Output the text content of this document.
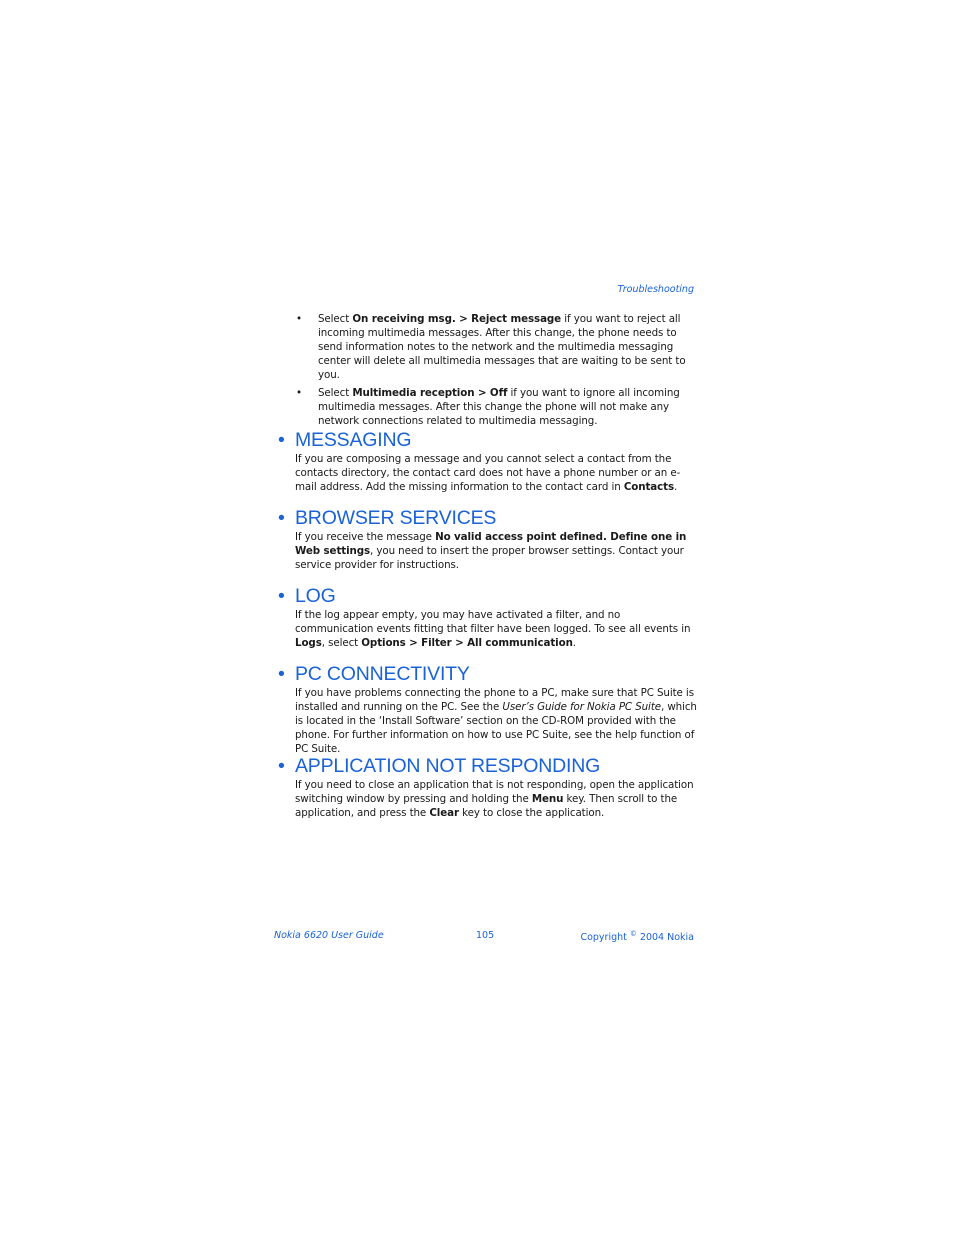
Troubleshooting
• Select On receiving msg. > Reject message if you want to reject all incoming multimedia messages. After this change, the phone needs to send information notes to the network and the multimedia messaging center will delete all multimedia messages that are waiting to be sent to you.
• Select Multimedia reception > Off if you want to ignore all incoming multimedia messages. After this change the phone will not make any network connections related to multimedia messaging.
• MESSAGING

If you are composing a message and you cannot select a contact from the contacts directory, the contact card does not have a phone number or an e-mail address. Add the missing information to the contact card in Contacts.

• BROWSER SERVICES

If you receive the message No valid access point defined. Define one in Web settings, you need to insert the proper browser settings. Contact your service provider for instructions.

• LOG

If the log appear empty, you may have activated a filter, and no communication events fitting that filter have been logged. To see all events in Logs, select Options > Filter > All communication.

• PC CONNECTIVITY

If you have problems connecting the phone to a PC, make sure that PC Suite is installed and running on the PC. See the User’s Guide for Nokia PC Suite, which is located in the ‘Install Software’ section on the CD-ROM provided with the phone. For further information on how to use PC Suite, see the help function of PC Suite.

• APPLICATION NOT RESPONDING

If you need to close an application that is not responding, open the application switching window by pressing and holding the Menu key. Then scroll to the application, and press the Clear key to close the application.

Nokia 6620 User Guide	105	Copyright © 2004 Nokia
